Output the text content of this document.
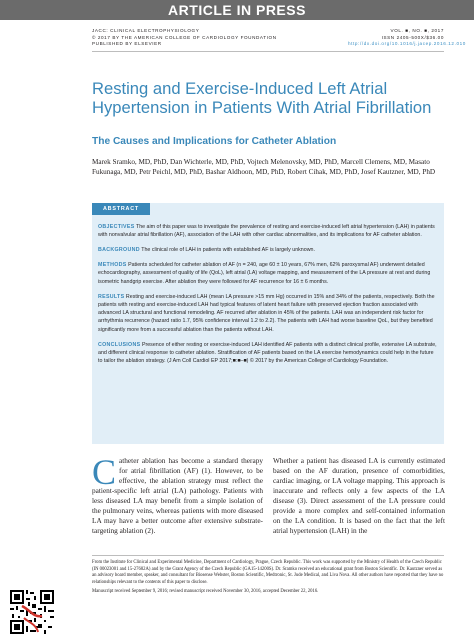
ARTICLE IN PRESS
JACC: CLINICAL ELECTROPHYSIOLOGY
© 2017 BY THE AMERICAN COLLEGE OF CARDIOLOGY FOUNDATION
PUBLISHED BY ELSEVIER
VOL. ■, NO. ■, 2017
ISSN 2405-500X/$36.00
http://dx.doi.org/10.1016/j.jacep.2016.12.010
Resting and Exercise-Induced Left Atrial Hypertension in Patients With Atrial Fibrillation
The Causes and Implications for Catheter Ablation

Marek Sramko, MD, PhD, Dan Wichterle, MD, PhD, Vojtech Melenovsky, MD, PhD, Marcell Clemens, MD, Masato Fukunaga, MD, Petr Peichl, MD, PhD, Bashar Aldhoon, MD, PhD, Robert Cihak, MD, PhD, Josef Kautzner, MD, PhD

ABSTRACT

OBJECTIVES The aim of this paper was to investigate the prevalence of resting and exercise-induced left atrial hypertension (LAH) in patients with nonvalvular atrial fibrillation (AF), association of the LAH with other cardiac abnormalities, and its implications for AF catheter ablation.

BACKGROUND The clinical role of LAH in patients with established AF is largely unknown.

METHODS Patients scheduled for catheter ablation of AF (n = 240, age 60 ± 10 years, 67% men, 62% paroxysmal AF) underwent detailed echocardiography, assessment of quality of life (QoL), left atrial (LA) voltage mapping, and measurement of the LA pressure at rest and during isometric handgrip exercise. After ablation they were followed for AF recurrence for 16 ± 6 months.

RESULTS Resting and exercise-induced LAH (mean LA pressure >15 mm Hg) occurred in 15% and 34% of the patients, respectively. Both the patients with resting and exercise-induced LAH had typical features of latent heart failure with preserved ejection fraction associated with advanced LA structural and functional remodeling. AF recurred after ablation in 45% of the patients. LAH was an independent risk factor for arrhythmia recurrence (hazard ratio 1.7, 95% confidence interval 1.2 to 2.2). The patients with LAH had worse baseline QoL, but they benefited significantly more from a successful ablation than the patients without LAH.

CONCLUSIONS Presence of either resting or exercise-induced LAH identified AF patients with a distinct clinical profile, extensive LA substrate, and different clinical response to catheter ablation. Stratification of AF patients based on the LA exercise hemodynamics could help in the future to tailor the ablation strategy. (J Am Coll Cardiol EP 2017;■:■–■) © 2017 by the American College of Cardiology Foundation.

Catheter ablation has become a standard therapy for atrial fibrillation (AF) (1). However, to be effective, the ablation strategy must reflect the patient-specific left atrial (LA) pathology. Patients with less diseased LA may benefit from a simple isolation of the pulmonary veins, whereas patients with more diseased LA may have a better outcome after extensive substrate-targeting ablation (2).

Whether a patient has diseased LA is currently estimated based on the AF duration, presence of comorbidities, cardiac imaging, or LA voltage mapping. This approach is inaccurate and reflects only a few aspects of the LA disease (3). Direct assessment of the LA pressure could provide a more complex and self-contained information on the LA condition. It is based on the fact that the left atrial hypertension (LAH) in the

From the Institute for Clinical and Experimental Medicine, Department of Cardiology, Prague, Czech Republic. This work was supported by the Ministry of Health of the Czech Republic (IN 00023001 and 15-27682A) and by the Grant Agency of the Czech Republic (GA15-14200S). Dr. Sramko received an educational grant from Boston Scientific. Dr. Kautzner served as an advisory board member, speaker, and consultant for Biosense Webster, Boston Scientific, Medtronic, St. Jude Medical, and Liva Nova. All other authors have reported that they have no relationships relevant to the contents of this paper to disclose.

Manuscript received September 9, 2016; revised manuscript received November 30, 2016, accepted December 22, 2016.
